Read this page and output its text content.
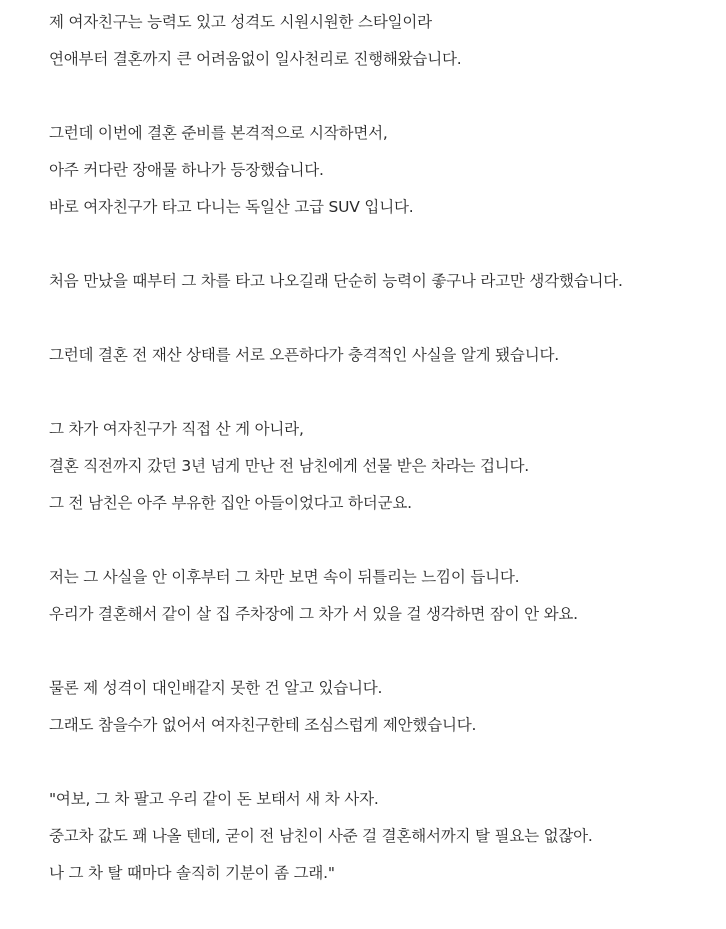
제 여자친구는 능력도 있고 성격도 시원시원한 스타일이라
연애부터 결혼까지 큰 어려움없이 일사천리로 진행해왔습니다.
그런데 이번에 결혼 준비를 본격적으로 시작하면서,
아주 커다란 장애물 하나가 등장했습니다.
바로 여자친구가 타고 다니는 독일산 고급 SUV 입니다.
처음 만났을 때부터 그 차를 타고 나오길래 단순히 능력이 좋구나 라고만 생각했습니다.
그런데 결혼 전 재산 상태를 서로 오픈하다가 충격적인 사실을 알게 됐습니다.
그 차가 여자친구가 직접 산 게 아니라,
결혼 직전까지 갔던 3년 넘게 만난 전 남친에게 선물 받은 차라는 겁니다.
그 전 남친은 아주 부유한 집안 아들이었다고 하더군요.
저는 그 사실을 안 이후부터 그 차만 보면 속이 뒤틀리는 느낌이 듭니다.
우리가 결혼해서 같이 살 집 주차장에 그 차가 서 있을 걸 생각하면 잠이 안 와요.
물론 제 성격이 대인배같지 못한 건 알고 있습니다.
그래도 참을수가 없어서 여자친구한테 조심스럽게 제안했습니다.
"여보, 그 차 팔고 우리 같이 돈 보태서 새 차 사자.
중고차 값도 꽤 나올 텐데, 굳이 전 남친이 사준 걸 결혼해서까지 탈 필요는 없잖아.
나 그 차 탈 때마다 솔직히 기분이 좀 그래."
